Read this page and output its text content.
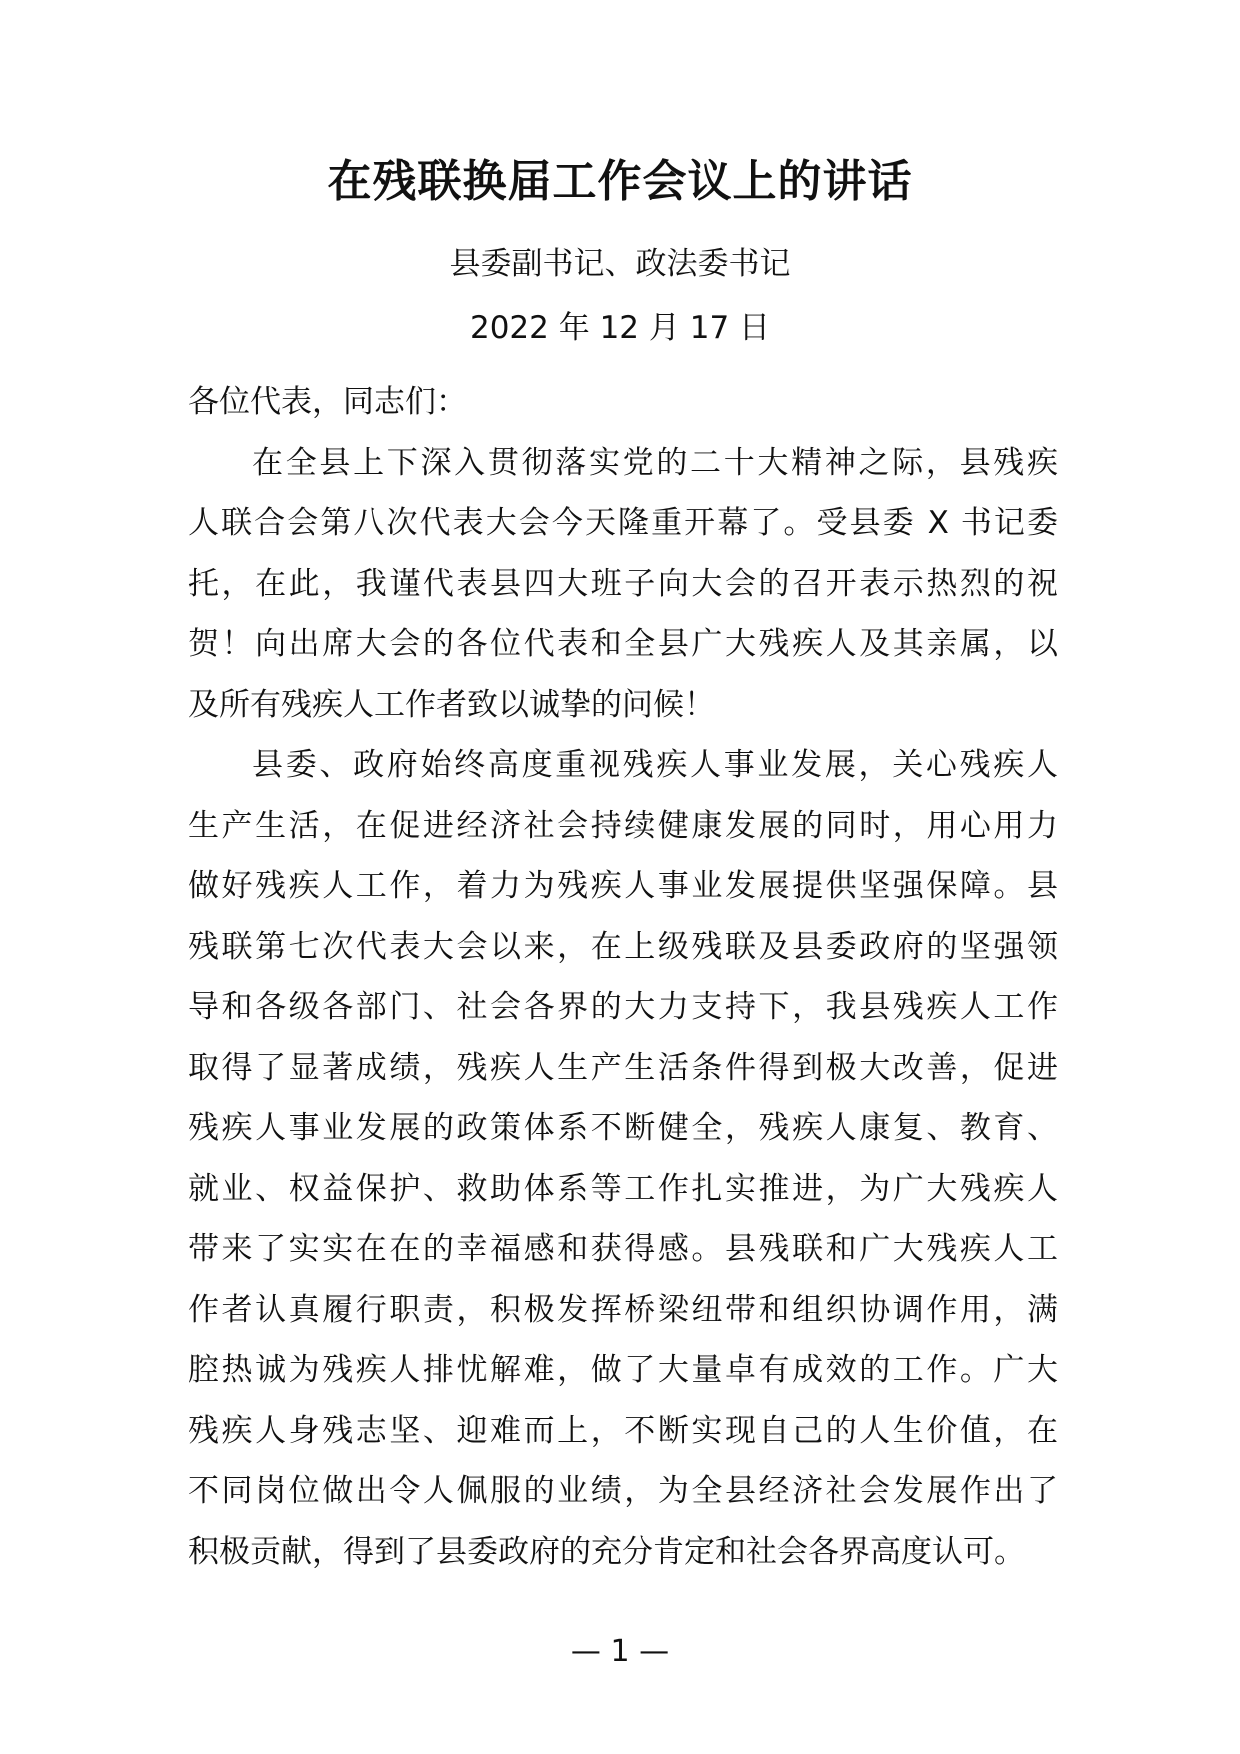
在残联换届工作会议上的讲话
县委副书记、政法委书记
2022 年 12 月 17 日
各位代表，同志们：
在全县上下深入贯彻落实党的二十大精神之际，县残疾
人联合会第八次代表大会今天隆重开幕了。受县委 X 书记委
托，在此，我谨代表县四大班子向大会的召开表示热烈的祝
贺！向出席大会的各位代表和全县广大残疾人及其亲属，以
及所有残疾人工作者致以诚挚的问候！
县委、政府始终高度重视残疾人事业发展，关心残疾人
生产生活，在促进经济社会持续健康发展的同时，用心用力
做好残疾人工作，着力为残疾人事业发展提供坚强保障。县
残联第七次代表大会以来，在上级残联及县委政府的坚强领
导和各级各部门、社会各界的大力支持下，我县残疾人工作
取得了显著成绩，残疾人生产生活条件得到极大改善，促进
残疾人事业发展的政策体系不断健全，残疾人康复、教育、
就业、权益保护、救助体系等工作扎实推进，为广大残疾人
带来了实实在在的幸福感和获得感。县残联和广大残疾人工
作者认真履行职责，积极发挥桥梁纽带和组织协调作用，满
腔热诚为残疾人排忧解难，做了大量卓有成效的工作。广大
残疾人身残志坚、迎难而上，不断实现自己的人生价值，在
不同岗位做出令人佩服的业绩，为全县经济社会发展作出了
积极贡献，得到了县委政府的充分肯定和社会各界高度认可。
— 1 —
